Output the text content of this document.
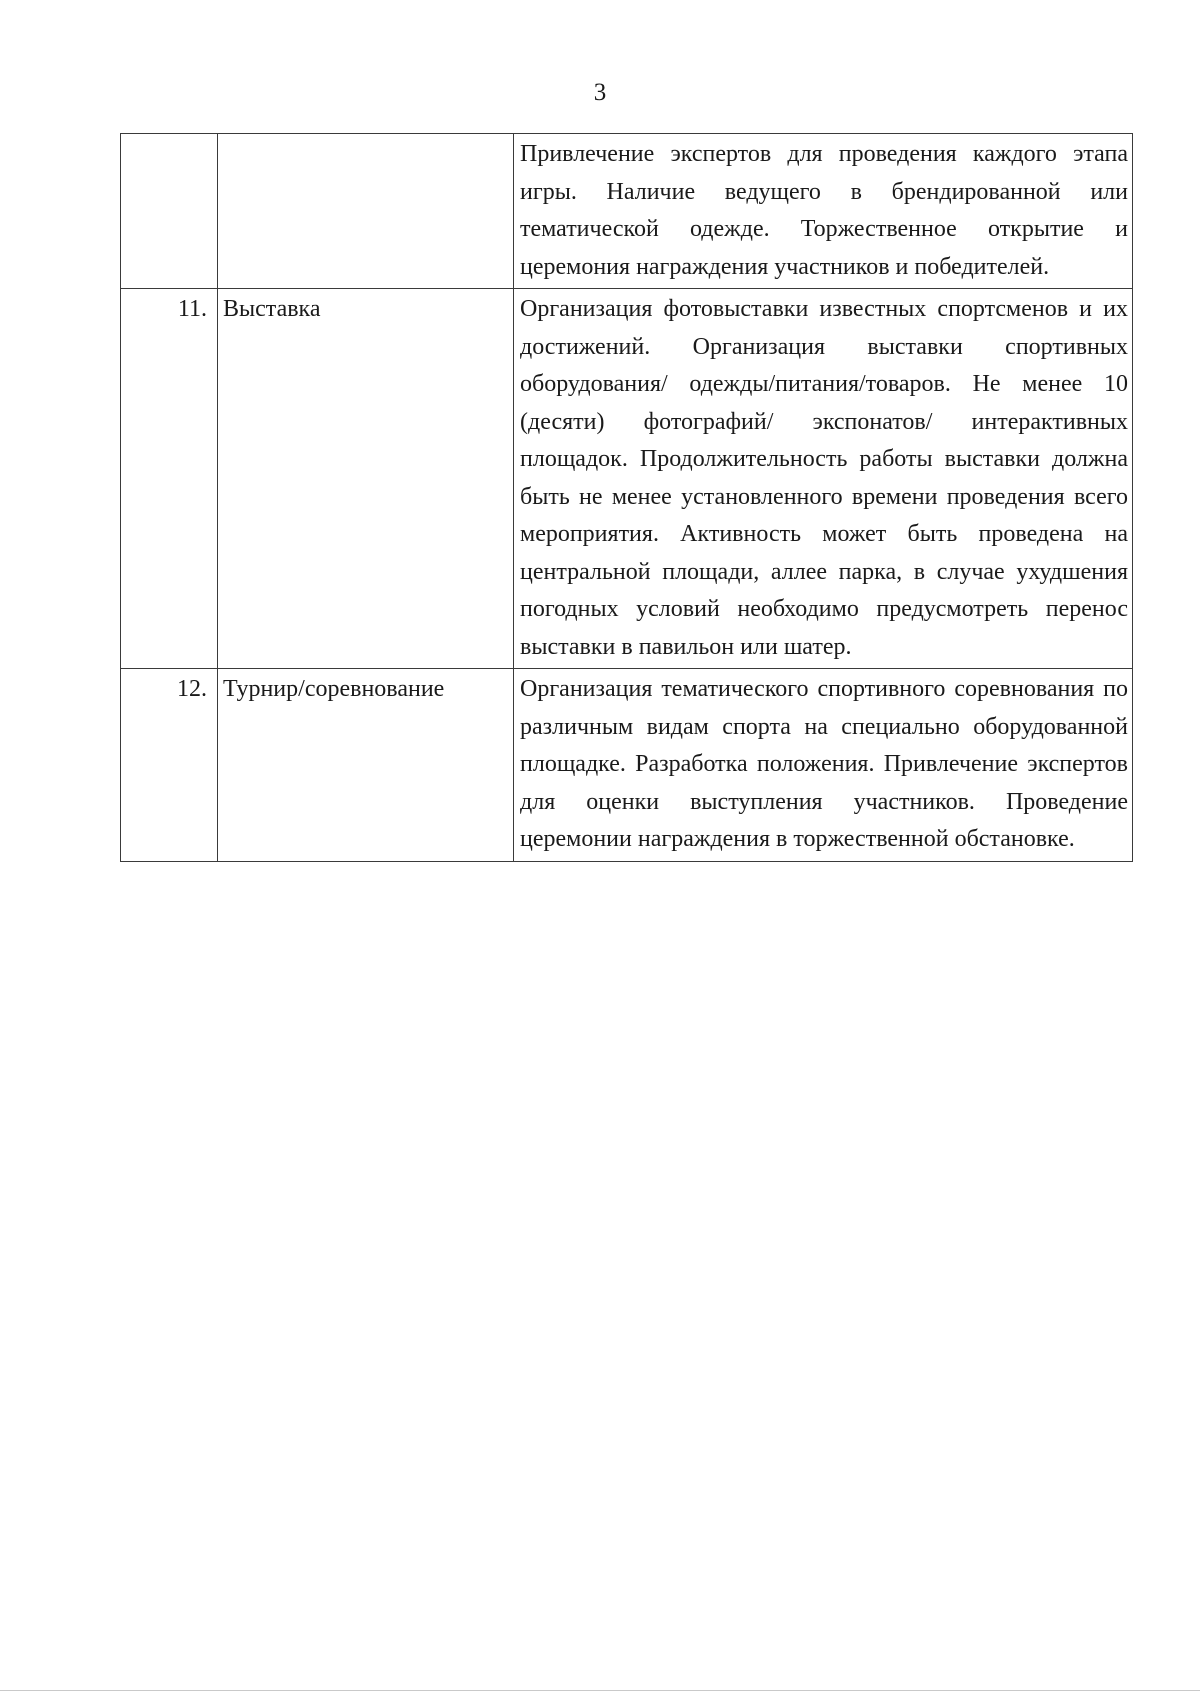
3
		Привлечение экспертов для проведения каждого этапа игры. Наличие ведущего в брендированной или тематической одежде. Торжественное открытие и церемония награждения участников и победителей.
11.	Выставка	Организация фотовыставки известных спортсменов и их достижений. Организация выставки спортивных оборудования/ одежды/питания/товаров. Не менее 10 (десяти) фотографий/ экспонатов/ интерактивных площадок. Продолжительность работы выставки должна быть не менее установленного времени проведения всего мероприятия. Активность может быть проведена на центральной площади, аллее парка, в случае ухудшения погодных условий необходимо предусмотреть перенос выставки в павильон или шатер.
12.	Турнир/соревнование	Организация тематического спортивного соревнования по различным видам спорта на специально оборудованной площадке. Разработка положения. Привлечение экспертов для оценки выступления участников. Проведение церемонии награждения в торжественной обстановке.
